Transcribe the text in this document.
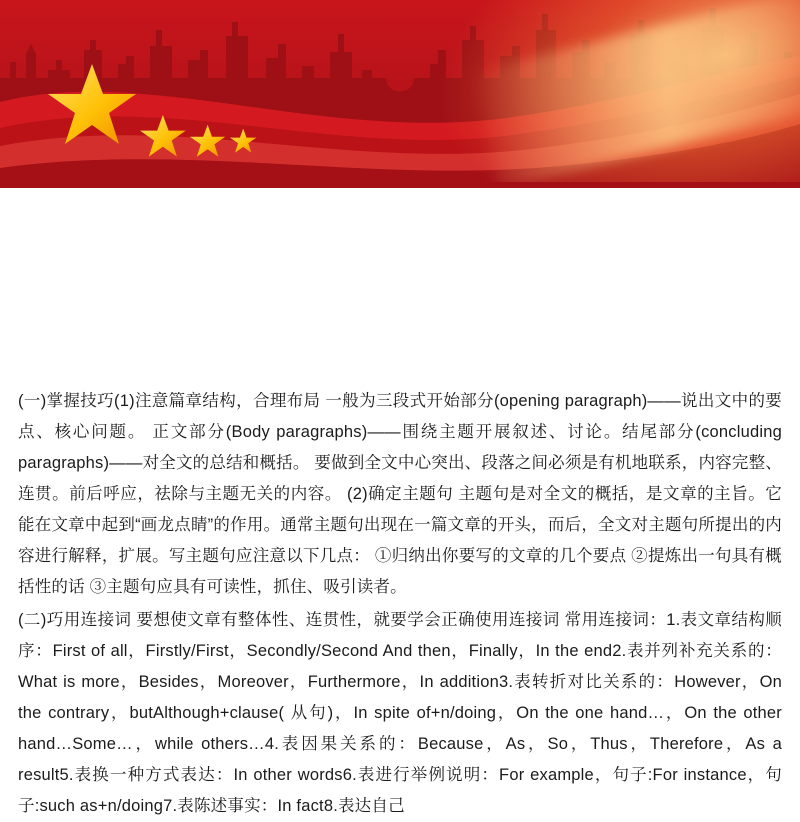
(一)掌握技巧(1)注意篇章结构，合理布局 一般为三段式开始部分(opening paragraph)——说出文中的要点、核心问题。 正文部分(Body paragraphs)——围绕主题开展叙述、讨论。结尾部分(concluding paragraphs)——对全文的总结和概括。 要做到全文中心突出、段落之间必须是有机地联系，内容完整、连贯。前后呼应，祛除与主题无关的内容。 (2)确定主题句 主题句是对全文的概括，是文章的主旨。它能在文章中起到“画龙点睛”的作用。通常主题句出现在一篇文章的开头，而后，全文对主题句所提出的内容进行解释，扩展。写主题句应注意以下几点： ①归纳出你要写的文章的几个要点 ②提炼出一句具有概括性的话 ③主题句应具有可读性，抓住、吸引读者。

(二)巧用连接词 要想使文章有整体性、连贯性，就要学会正确使用连接词 常用连接词：1.表文章结构顺序：First of all，Firstly/First，Secondly/Second And then，Finally，In the end2.表并列补充关系的：What is more，Besides，Moreover，Furthermore，In addition3.表转折对比关系的：However，On the contrary，butAlthough+clause( 从句)，In spite of+n/doing，On the one hand…，On the other hand…Some…，while others…4.表因果关系的：Because，As，So，Thus，Therefore，As a result5.表换一种方式表达：In other words6.表进行举例说明：For example，句子:For instance，句子:such as+n/doing7.表陈述事实：In fact8.表达自己
